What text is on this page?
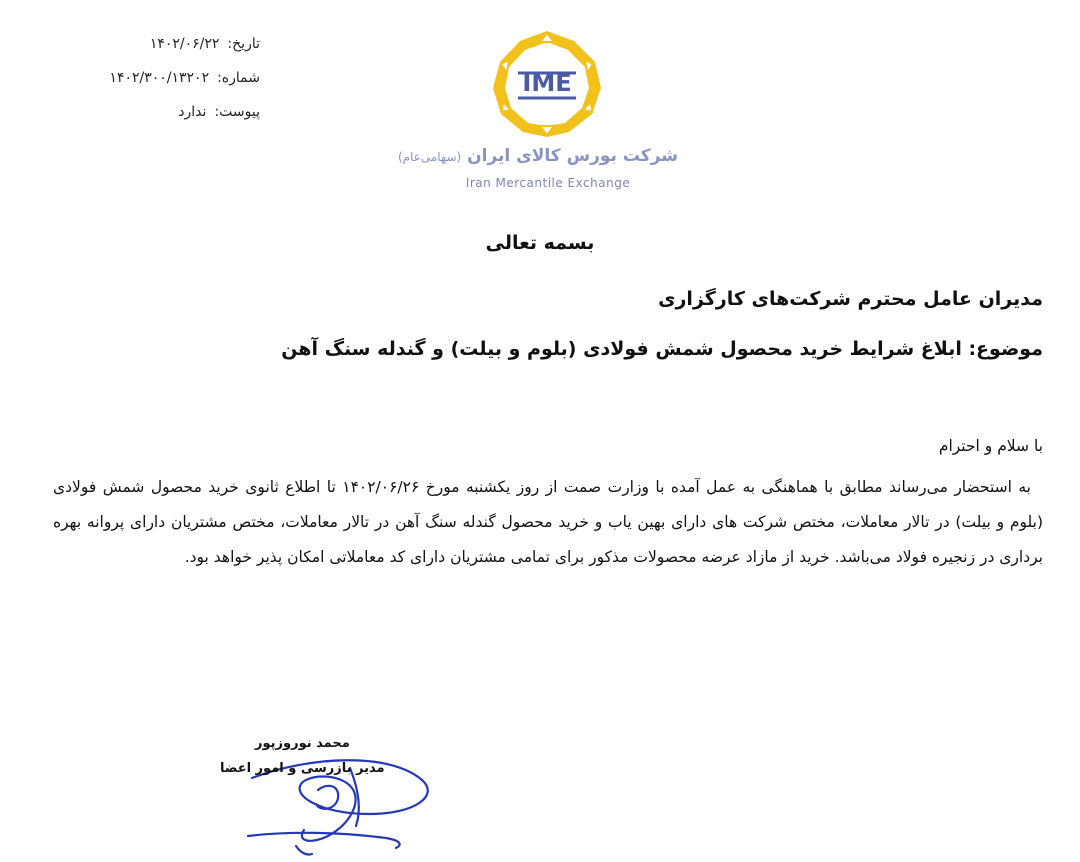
تاریخ:۱۴۰۲/۰۶/۲۲
شماره:۱۴۰۲/۳۰۰/۱۳۲۰۲
پیوست:ندارد
IME
شرکت بورس کالای ایران (سهامی‌عام)
Iran Mercantile Exchange
بسمه تعالی
مدیران عامل محترم شرکت‌های کارگزاری
موضوع: ابلاغ شرایط خرید محصول شمش فولادی (بلوم و بیلت) و گندله سنگ آهن
با سلام و احترام
به استحضار می‌رساند مطابق با هماهنگی به عمل آمده با وزارت صمت از روز یکشنبه مورخ ۱۴۰۲/۰۶/۲۶ تا اطلاع ثانوی خرید محصول شمش فولادی (بلوم و بیلت) در تالار معاملات، مختص شرکت های دارای بهین یاب و خرید محصول گندله سنگ آهن در تالار معاملات، مختص مشتریان دارای پروانه بهره برداری در زنجیره فولاد می‌باشد. خرید از مازاد عرضه محصولات مذکور برای تمامی مشتریان دارای کد معاملاتی امکان پذیر خواهد بود.
محمد نوروزپور
مدیر بازرسی و امور اعضا
